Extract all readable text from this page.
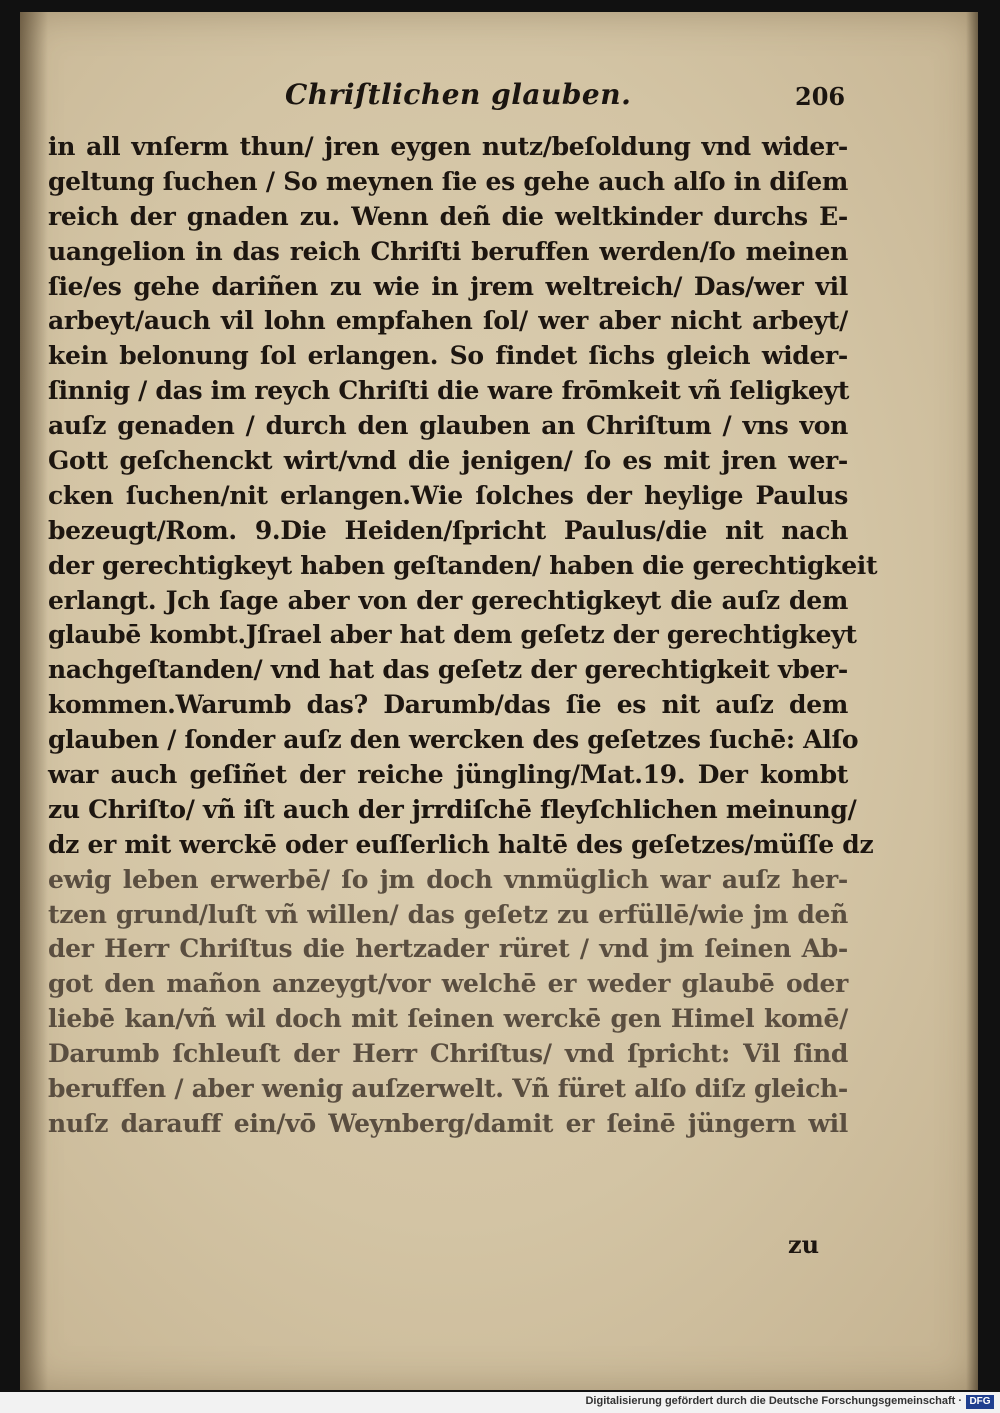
Chriſtlichen glauben.	206
in all vnſerm thun/ jren eygen nutz/beſoldung vnd wider‑
geltung ſuchen / So meynen ſie es gehe auch alſo in diſem
reich der gnaden zu. Wenn deñ die weltkinder durchs E‑
uangelion in das reich Chriſti beruffen werden/ſo meinen
ſie/es gehe dariñen zu wie in jrem weltreich/ Das/wer vil
arbeyt/auch vil lohn empfahen ſol/ wer aber nicht arbeyt/
kein belonung ſol erlangen. So findet ſichs gleich wider‑
ſinnig / das im reych Chriſti die ware frōmkeit vñ ſeligkeyt
auſz genaden / durch den glauben an Chriſtum / vns von
Gott geſchenckt wirt/vnd die jenigen/ ſo es mit jren wer‑
cken ſuchen/nit erlangen.Wie ſolches der heylige Paulus
bezeugt/Rom. 9.Die Heiden/ſpricht Paulus/die nit nach
der gerechtigkeyt haben geſtanden/ haben die gerechtigkeit
erlangt. Jch ſage aber von der gerechtigkeyt die auſz dem
glaubē kombt.Jſrael aber hat dem geſetz der gerechtigkeyt
nachgeſtanden/ vnd hat das geſetz der gerechtigkeit vber‑
kommen.Warumb das? Darumb/das ſie es nit auſz dem
glauben / ſonder auſz den wercken des geſetzes ſuchē: Alſo
war auch geſiñet der reiche jüngling/Mat.19. Der kombt
zu Chriſto/ vñ iſt auch der jrrdiſchē fleyſchlichen meinung/
dz er mit werckē oder euſſerlich haltē des geſetzes/müſſe dz
ewig leben erwerbē/ ſo jm doch vnmüglich war auſz her‑
tzen grund/luſt vñ willen/ das geſetz zu erfüllē/wie jm deñ
der Herr Chriſtus die hertzader rüret / vnd jm ſeinen Ab‑
got den mañon anzeygt/vor welchē er weder glaubē oder
liebē kan/vñ wil doch mit ſeinen werckē gen Himel komē/
Darumb ſchleuſt der Herr Chriſtus/ vnd ſpricht: Vil ſind
beruffen / aber wenig auſzerwelt. Vñ füret alſo diſz gleich‑
nuſz darauff ein/vō Weynberg/damit er ſeinē jüngern wil
zu
Digitalisierung gefördert durch die Deutsche Forschungsgemeinschaft · DFG
